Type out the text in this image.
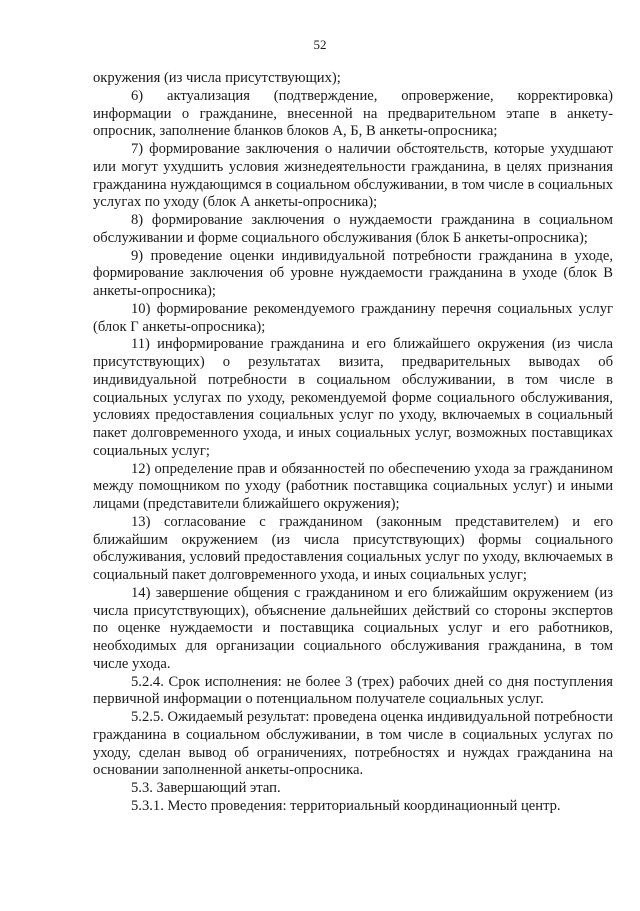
52

окружения (из числа присутствующих);

6) актуализация (подтверждение, опровержение, корректировка) информации о гражданине, внесенной на предварительном этапе в анкету-опросник, заполнение бланков блоков А, Б, В анкеты-опросника;

7) формирование заключения о наличии обстоятельств, которые ухудшают или могут ухудшить условия жизнедеятельности гражданина, в целях признания гражданина нуждающимся в социальном обслуживании, в том числе в социальных услугах по уходу (блок А анкеты-опросника);

8) формирование заключения о нуждаемости гражданина в социальном обслуживании и форме социального обслуживания (блок Б анкеты-опросника);

9) проведение оценки индивидуальной потребности гражданина в уходе, формирование заключения об уровне нуждаемости гражданина в уходе (блок В анкеты-опросника);

10) формирование рекомендуемого гражданину перечня социальных услуг (блок Г анкеты-опросника);

11) информирование гражданина и его ближайшего окружения (из числа присутствующих) о результатах визита, предварительных выводах об индивидуальной потребности в социальном обслуживании, в том числе в социальных услугах по уходу, рекомендуемой форме социального обслуживания, условиях предоставления социальных услуг по уходу, включаемых в социальный пакет долговременного ухода, и иных социальных услуг, возможных поставщиках социальных услуг;

12) определение прав и обязанностей по обеспечению ухода за гражданином между помощником по уходу (работник поставщика социальных услуг) и иными лицами (представители ближайшего окружения);

13) согласование с гражданином (законным представителем) и его ближайшим окружением (из числа присутствующих) формы социального обслуживания, условий предоставления социальных услуг по уходу, включаемых в социальный пакет долговременного ухода, и иных социальных услуг;

14) завершение общения с гражданином и его ближайшим окружением (из числа присутствующих), объяснение дальнейших действий со стороны экспертов по оценке нуждаемости и поставщика социальных услуг и его работников, необходимых для организации социального обслуживания гражданина, в том числе ухода.

5.2.4. Срок исполнения: не более 3 (трех) рабочих дней со дня поступления первичной информации о потенциальном получателе социальных услуг.

5.2.5. Ожидаемый результат: проведена оценка индивидуальной потребности гражданина в социальном обслуживании, в том числе в социальных услугах по уходу, сделан вывод об ограничениях, потребностях и нуждах гражданина на основании заполненной анкеты-опросника.

5.3. Завершающий этап.

5.3.1. Место проведения: территориальный координационный центр.
